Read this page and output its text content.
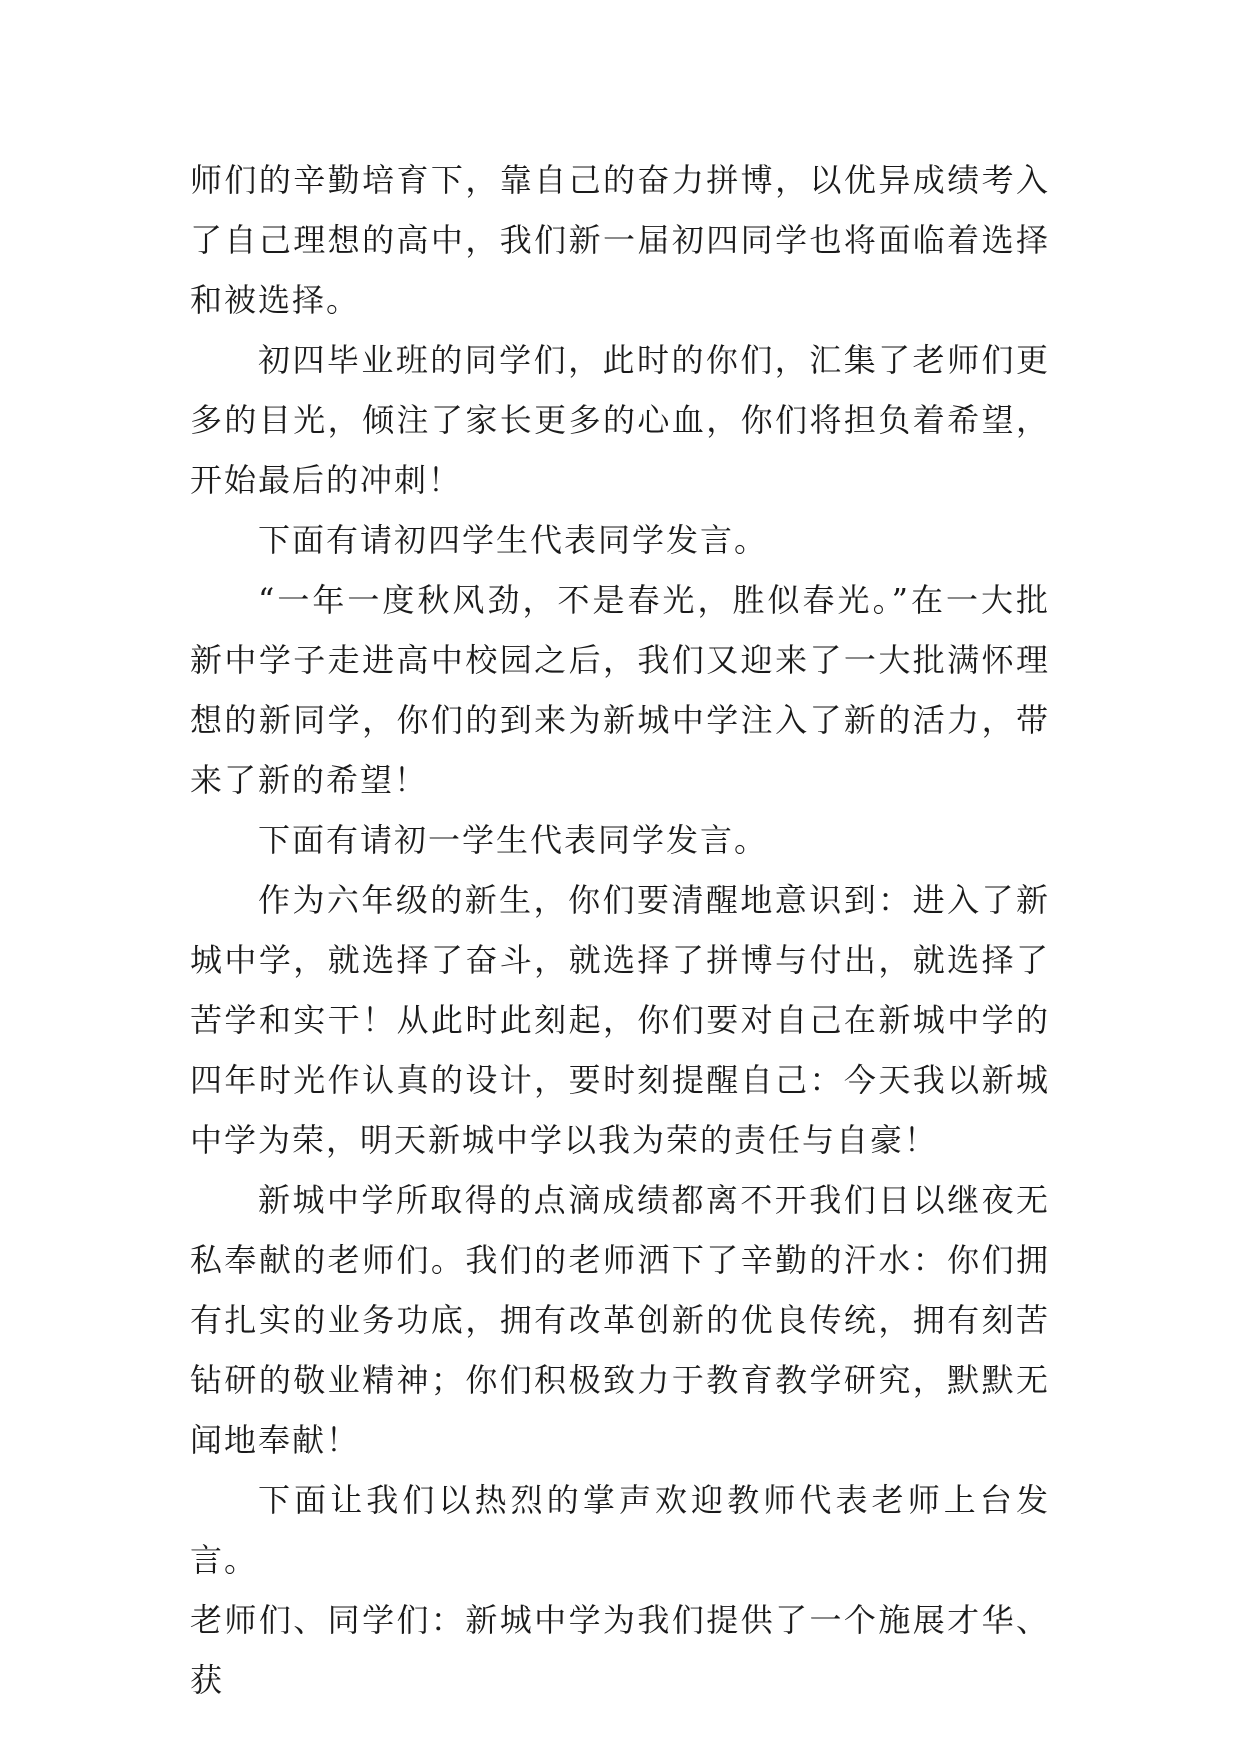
师们的辛勤培育下，靠自己的奋力拼博，以优异成绩考入了自己理想的高中，我们新一届初四同学也将面临着选择和被选择。

初四毕业班的同学们，此时的你们，汇集了老师们更多的目光，倾注了家长更多的心血，你们将担负着希望，开始最后的冲刺！

下面有请初四学生代表同学发言。

“一年一度秋风劲，不是春光，胜似春光。”在一大批新中学子走进高中校园之后，我们又迎来了一大批满怀理想的新同学，你们的到来为新城中学注入了新的活力，带来了新的希望！

下面有请初一学生代表同学发言。

作为六年级的新生，你们要清醒地意识到：进入了新城中学，就选择了奋斗，就选择了拼博与付出，就选择了苦学和实干！从此时此刻起，你们要对自己在新城中学的四年时光作认真的设计，要时刻提醒自己：今天我以新城中学为荣，明天新城中学以我为荣的责任与自豪！

新城中学所取得的点滴成绩都离不开我们日以继夜无私奉献的老师们。我们的老师洒下了辛勤的汗水：你们拥有扎实的业务功底，拥有改革创新的优良传统，拥有刻苦钻研的敬业精神；你们积极致力于教育教学研究，默默无闻地奉献！

下面让我们以热烈的掌声欢迎教师代表老师上台发言。

老师们、同学们：新城中学为我们提供了一个施展才华、获
